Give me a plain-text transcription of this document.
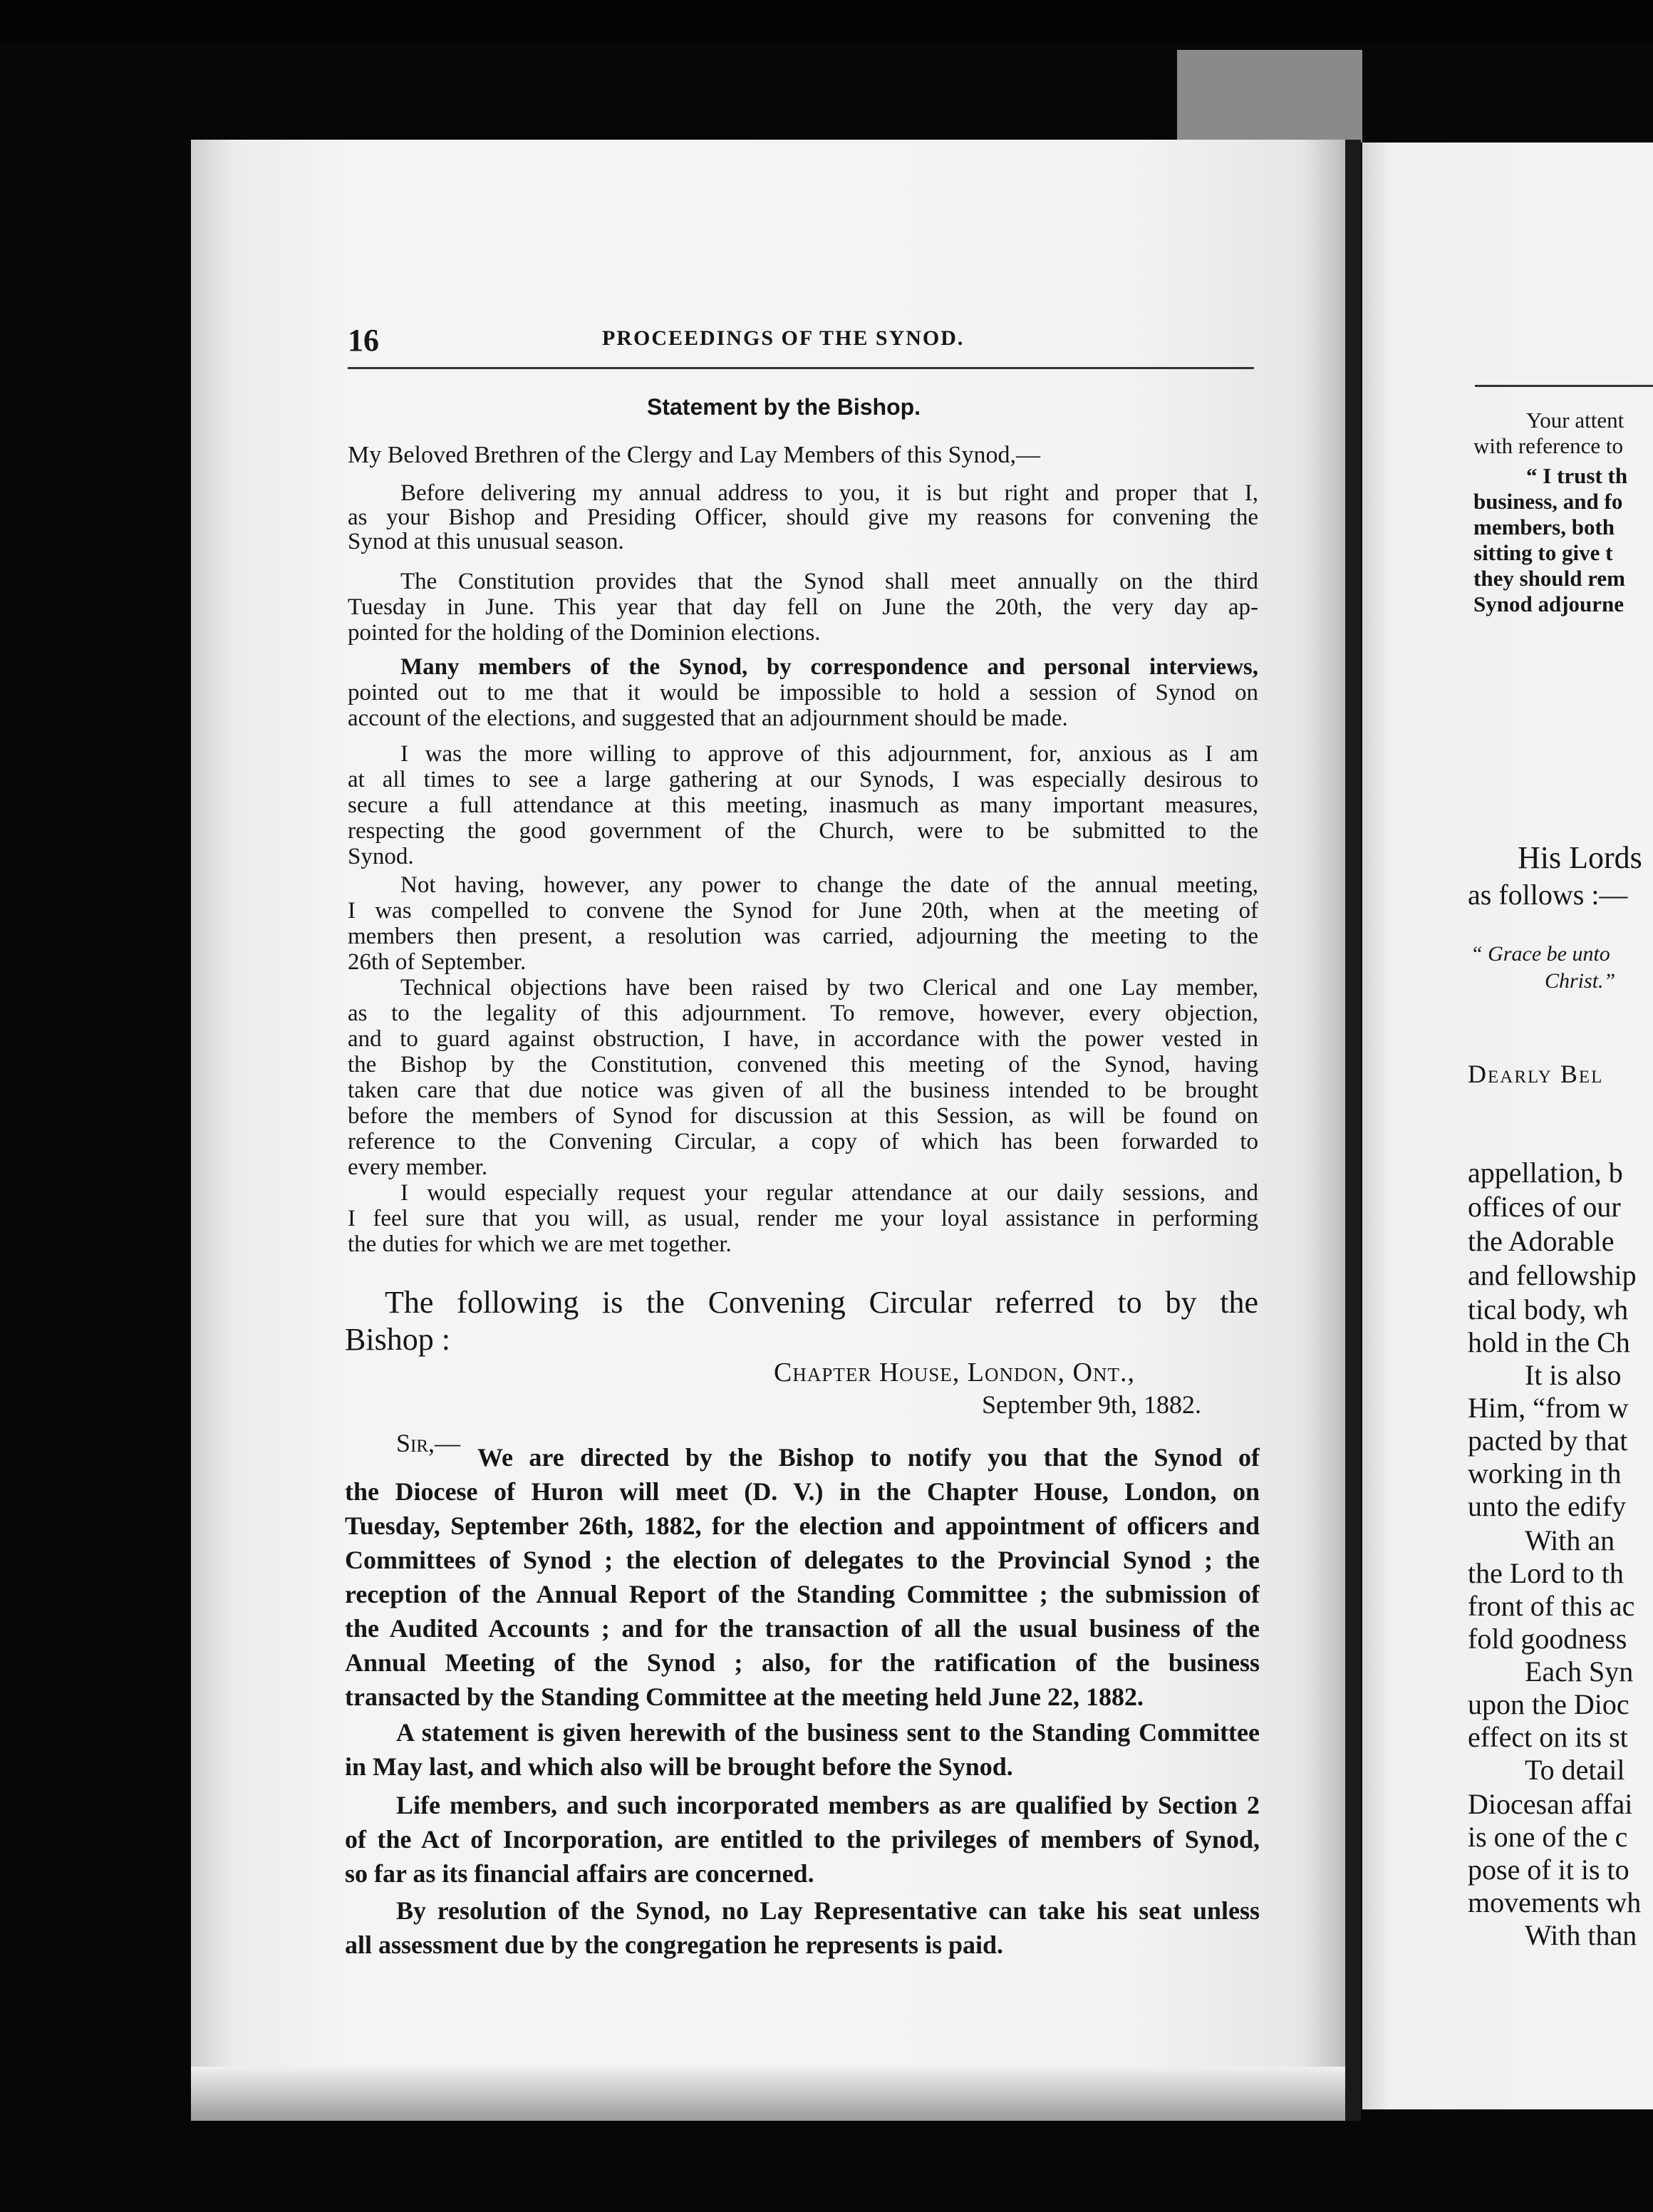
16	PROCEEDINGS OF THE SYNOD.
Statement by the Bishop.
My Beloved Brethren of the Clergy and Lay Members of this Synod,—
Before delivering my annual address to you, it is but right and proper that I,
as your Bishop and Presiding Officer, should give my reasons for convening the
Synod at this unusual season.
The Constitution provides that the Synod shall meet annually on the third
Tuesday in June. This year that day fell on June the 20th, the very day ap-
pointed for the holding of the Dominion elections.
Many members of the Synod, by correspondence and personal interviews,
pointed out to me that it would be impossible to hold a session of Synod on
account of the elections, and suggested that an adjournment should be made.
I was the more willing to approve of this adjournment, for, anxious as I am
at all times to see a large gathering at our Synods, I was especially desirous to
secure a full attendance at this meeting, inasmuch as many important measures,
respecting the good government of the Church, were to be submitted to the
Synod.
Not having, however, any power to change the date of the annual meeting,
I was compelled to convene the Synod for June 20th, when at the meeting of
members then present, a resolution was carried, adjourning the meeting to the
26th of September.
Technical objections have been raised by two Clerical and one Lay member,
as to the legality of this adjournment. To remove, however, every objection,
and to guard against obstruction, I have, in accordance with the power vested in
the Bishop by the Constitution, convened this meeting of the Synod, having
taken care that due notice was given of all the business intended to be brought
before the members of Synod for discussion at this Session, as will be found on
reference to the Convening Circular, a copy of which has been forwarded to
every member.
I would especially request your regular attendance at our daily sessions, and
I feel sure that you will, as usual, render me your loyal assistance in performing
the duties for which we are met together.
The following is the Convening Circular referred to by the
Bishop :
Chapter House, London, Ont.,
September 9th, 1882.
Sir,— We are directed by the Bishop to notify you that the Synod of
the Diocese of Huron will meet (D. V.) in the Chapter House, London, on
Tuesday, September 26th, 1882, for the election and appointment of officers and
Committees of Synod ; the election of delegates to the Provincial Synod ; the
reception of the Annual Report of the Standing Committee ; the submission of
the Audited Accounts ; and for the transaction of all the usual business of the
Annual Meeting of the Synod ; also, for the ratification of the business
transacted by the Standing Committee at the meeting held June 22, 1882.
A statement is given herewith of the business sent to the Standing Committee
in May last, and which also will be brought before the Synod.
Life members, and such incorporated members as are qualified by Section 2
of the Act of Incorporation, are entitled to the privileges of members of Synod,
so far as its financial affairs are concerned.
By resolution of the Synod, no Lay Representative can take his seat unless
all assessment due by the congregation he represents is paid.
Your attent
with reference to
“ I trust th
business, and fo
members, both
sitting to give t
they should rem
Synod adjourne
His Lords
as follows :—
“ Grace be unto
Christ.”
Dearly Bel
appellation, b
offices of our
the Adorable
and fellowship
tical body, wh
hold in the Ch
It is also
Him, “from w
pacted by that
working in th
unto the edify
With an
the Lord to th
front of this ac
fold goodness
Each Syn
upon the Dioc
effect on its st
To detail
Diocesan affai
is one of the c
pose of it is to
movements wh
With than
